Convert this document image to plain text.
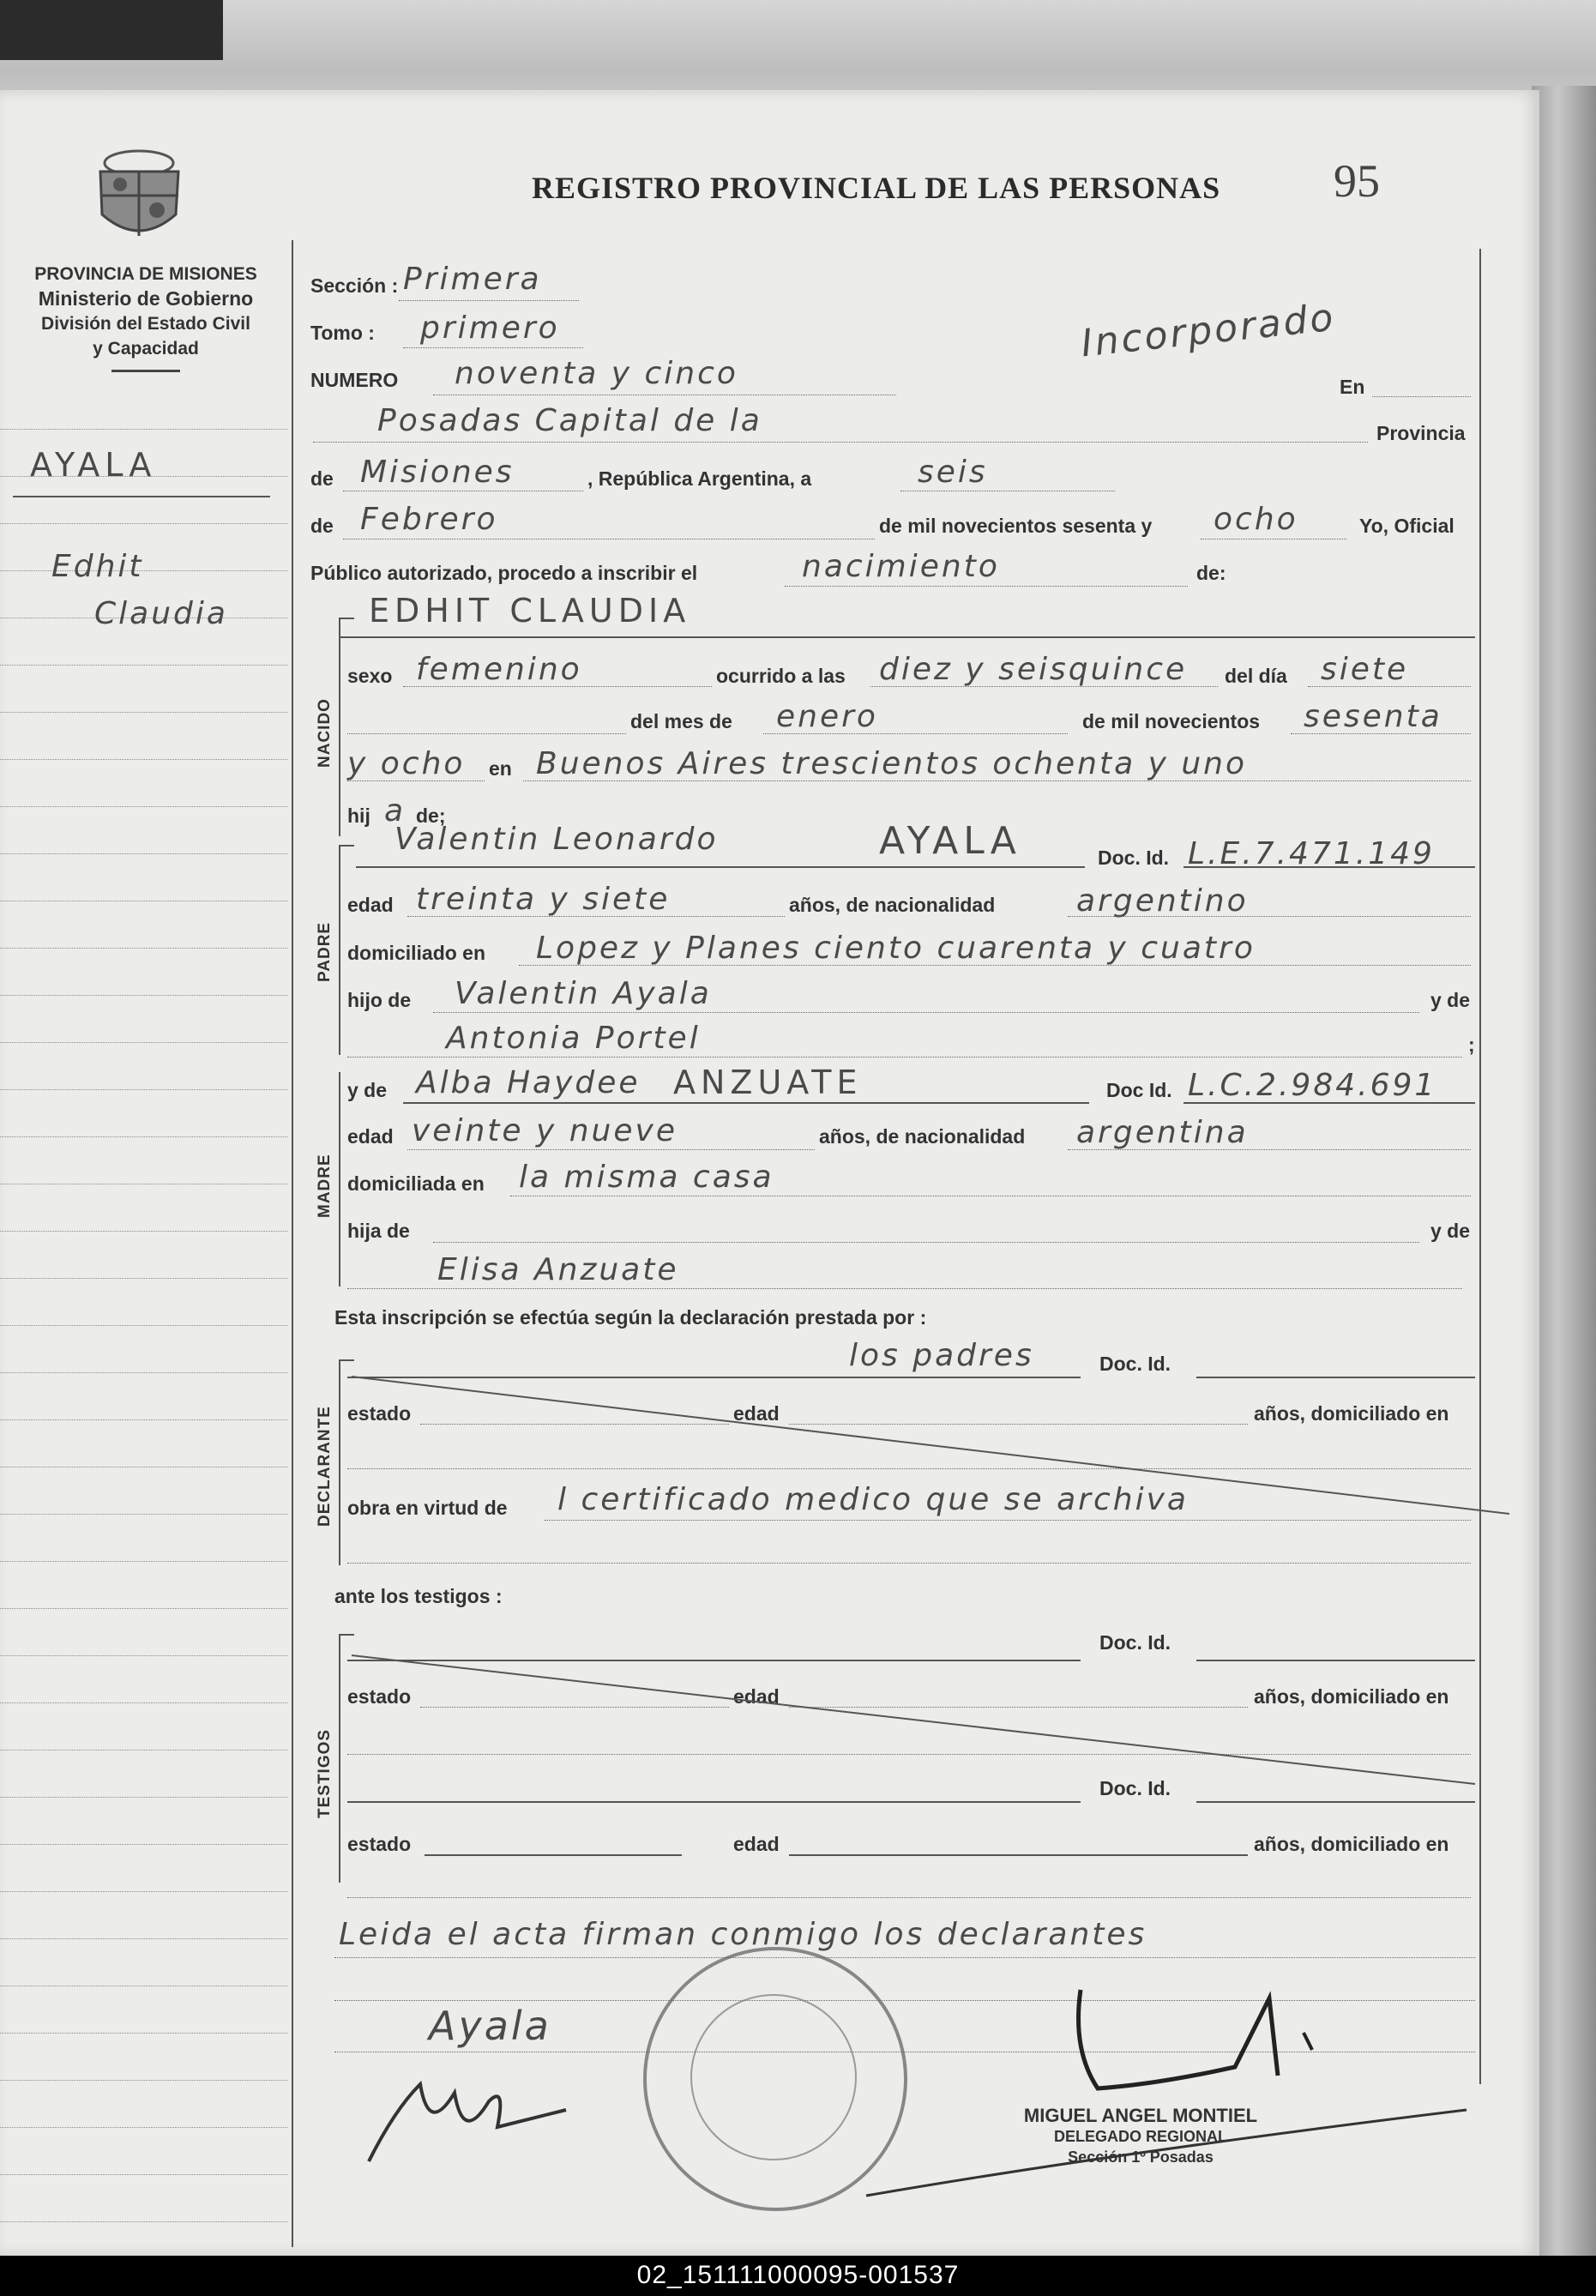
PROVINCIA DE MISIONES
Ministerio de Gobierno
División del Estado Civil
y Capacidad
REGISTRO PROVINCIAL DE LAS PERSONAS 95
AYALA
Edhit
Claudia
Sección : Primera
Tomo : primero
NUMERO noventa y cinco
Incorporado
En
Posadas Capital de la	Provincia
de Misiones	, República Argentina, a	seis
de Febrero	de mil novecientos sesenta y ocho	Yo, Oficial
Público autorizado, procedo a inscribir el	nacimiento	de:
NACIDO
EDHIT CLAUDIA
sexo femenino	ocurrido a las diez y seisquince del día siete
del mes de enero	de mil novecientos sesenta
y ocho en Buenos Aires trescientos ochenta y uno
hij a de;
PADRE
Valentin Leonardo	AYALA	Doc. Id. L.E.7.471.149
edad treinta y siete	años, de nacionalidad	argentino
domiciliado en Lopez y Planes ciento cuarenta y cuatro
hijo de Valentin Ayala	y de
Antonia Portel	;
MADRE
y de Alba Haydee ANZUATE	Doc Id. L.C.2.984.691
edad veinte y nueve	años, de nacionalidad argentina
domiciliada en la misma casa
hija de	y de
Elisa Anzuate
Esta inscripción se efectúa según la declaración prestada por :
DECLARANTE
los padres	Doc. Id.
estado	edad	años, domiciliado en
obra en virtud de l certificado medico que se archiva
ante los testigos :
TESTIGOS
Doc. Id.
estado	edad	años, domiciliado en
Doc. Id.
estado	edad	años, domiciliado en
Leida el acta firman conmigo los declarantes
Ayala
MIGUEL ANGEL MONTIEL
DELEGADO REGIONAL
Sección 1º Posadas
02_151111000095-001537
